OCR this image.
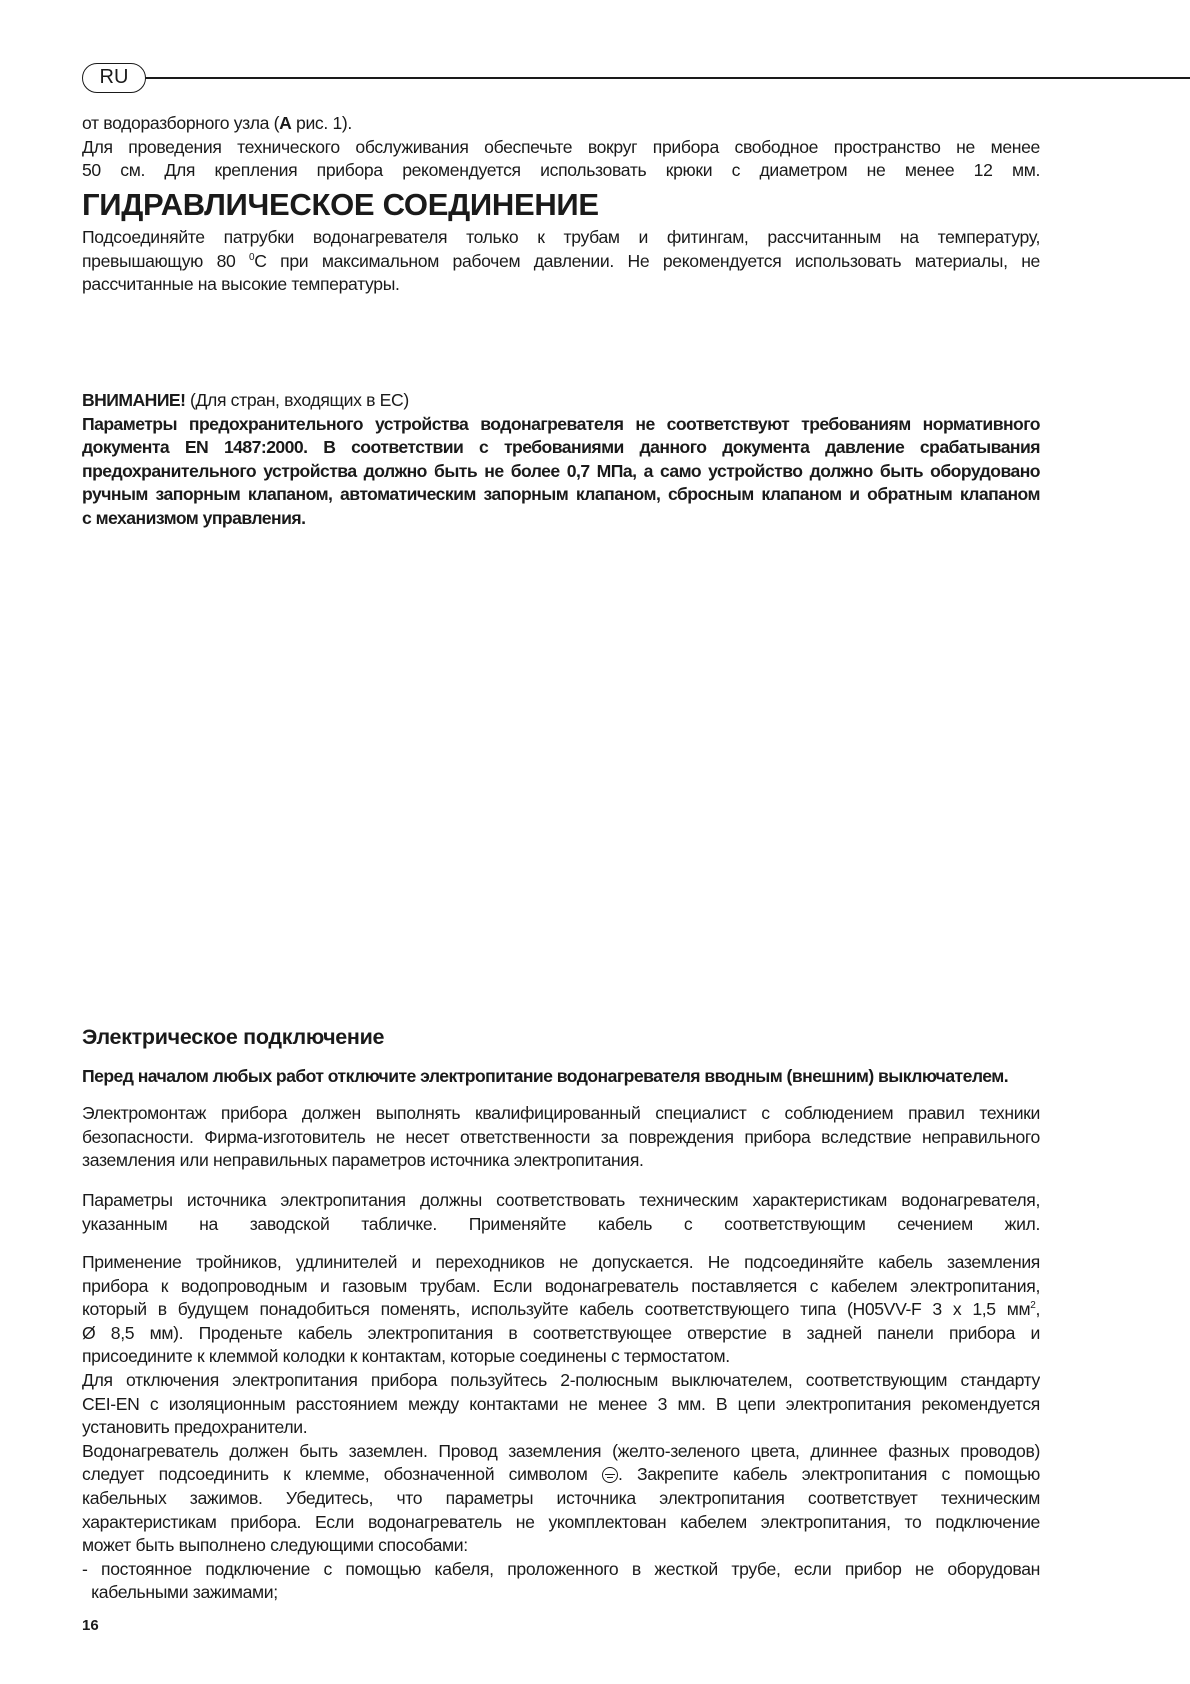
RU
от водоразборного узла (A рис. 1).
Для проведения технического обслуживания обеспечьте вокруг прибора свободное пространство не менее
50 см. Для крепления прибора рекомендуется использовать крюки с диаметром не менее 12 мм.
ГИДРАВЛИЧЕСКОЕ СОЕДИНЕНИЕ
Подсоединяйте патрубки водонагревателя только к трубам и фитингам, рассчитанным на температуру,
превышающую 80 $^0$С при максимальном рабочем давлении. Не рекомендуется использовать материалы, не
рассчитанные на высокие температуры.
ВНИМАНИЕ! (Для стран, входящих в ЕС)
Параметры предохранительного устройства водонагревателя не соответствуют требованиям нормативного
документа EN 1487:2000. В соответствии с требованиями данного документа давление срабатывания
предохранительного устройства должно быть не более 0,7 МПа, а само устройство должно быть оборудовано
ручным запорным клапаном, автоматическим запорным клапаном, сбросным клапаном и обратным клапаном
с механизмом управления.
Электрическое подключение
Перед началом любых работ отключите электропитание водонагревателя вводным (внешним) выключателем.
Электромонтаж прибора должен выполнять квалифицированный специалист с соблюдением правил техники
безопасности. Фирма-изготовитель не несет ответственности за повреждения прибора вследствие неправильного
заземления или неправильных параметров источника электропитания.
Параметры источника электропитания должны соответствовать техническим характеристикам водонагревателя,
указанным на заводской табличке. Применяйте кабель с соответствующим сечением жил.
Применение тройников, удлинителей и переходников не допускается. Не подсоединяйте кабель заземления
прибора к водопроводным и газовым трубам. Если водонагреватель поставляется с кабелем электропитания,
который в будущем понадобиться поменять, используйте кабель соответствующего типа (H05VV-F 3 x 1,5 $мм^2$,
Ø 8,5 мм). Проденьте кабель электропитания в соответствующее отверстие в задней панели прибора и
присоедините к клеммой колодки к контактам, которые соединены с термостатом.
Для отключения электропитания прибора пользуйтесь 2-полюсным выключателем, соответствующим стандарту
CEI-EN с изоляционным расстоянием между контактами не менее 3 мм. В цепи электропитания рекомендуется
установить предохранители.
Водонагреватель должен быть заземлен. Провод заземления (желто-зеленого цвета, длиннее фазных проводов)
следует подсоединить к клемме, обозначенной символом . Закрепите кабель электропитания с помощью
кабельных зажимов. Убедитесь, что параметры источника электропитания соответствует техническим
характеристикам прибора. Если водонагреватель не укомплектован кабелем электропитания, то подключение
может быть выполнено следующими способами:
- постоянное подключение с помощью кабеля, проложенного в жесткой трубе, если прибор не оборудован
кабельными зажимами;
16
